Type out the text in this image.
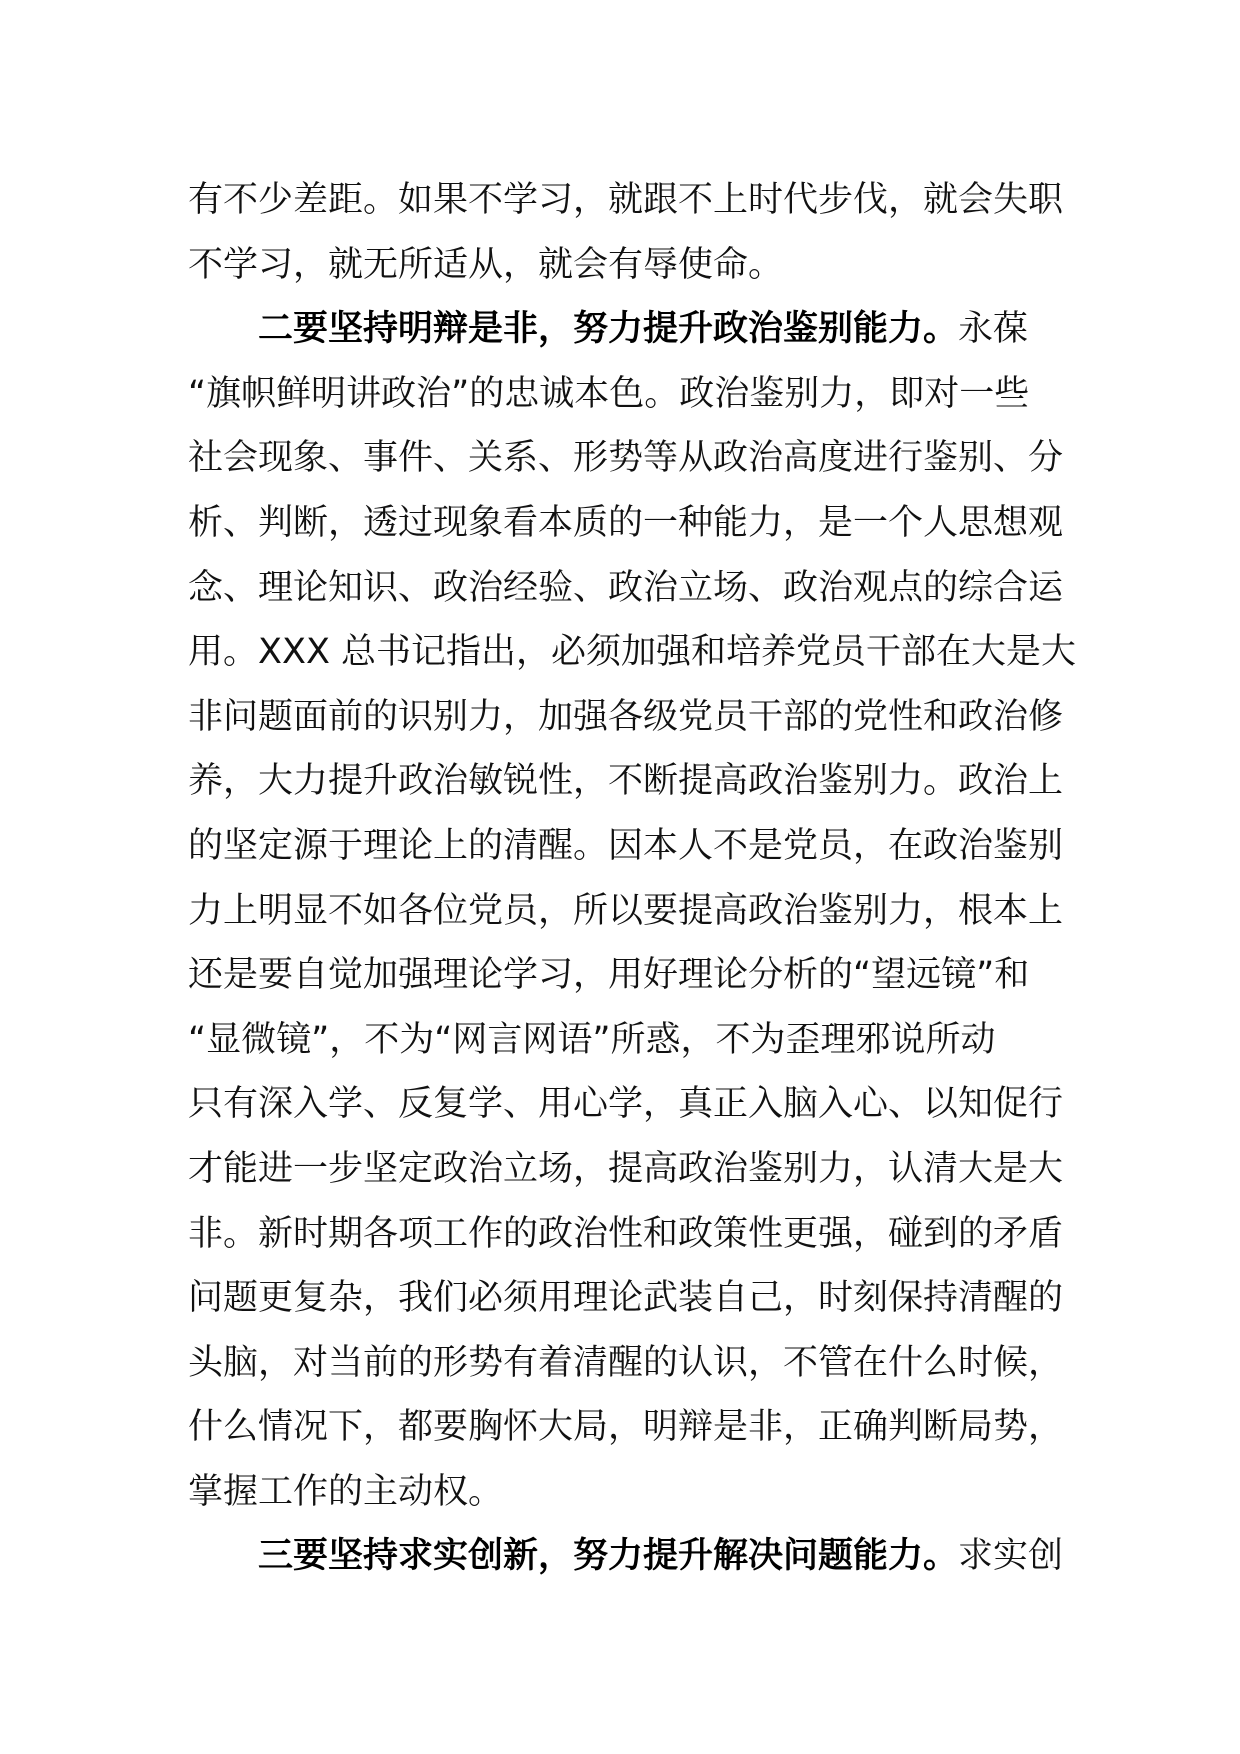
有不少差距。如果不学习，就跟不上时代步伐，就会失职
不学习，就无所适从，就会有辱使命。
二要坚持明辩是非，努力提升政治鉴别能力。永葆
“旗帜鲜明讲政治”的忠诚本色。政治鉴别力，即对一些
社会现象、事件、关系、形势等从政治高度进行鉴别、分
析、判断，透过现象看本质的一种能力，是一个人思想观
念、理论知识、政治经验、政治立场、政治观点的综合运
用。XXX 总书记指出，必须加强和培养党员干部在大是大
非问题面前的识别力，加强各级党员干部的党性和政治修
养，大力提升政治敏锐性，不断提高政治鉴别力。政治上
的坚定源于理论上的清醒。因本人不是党员，在政治鉴别
力上明显不如各位党员，所以要提高政治鉴别力，根本上
还是要自觉加强理论学习，用好理论分析的“望远镜”和
“显微镜”，不为“网言网语”所惑，不为歪理邪说所动
只有深入学、反复学、用心学，真正入脑入心、以知促行
才能进一步坚定政治立场，提高政治鉴别力，认清大是大
非。新时期各项工作的政治性和政策性更强，碰到的矛盾
问题更复杂，我们必须用理论武装自己，时刻保持清醒的
头脑，对当前的形势有着清醒的认识，不管在什么时候，
什么情况下，都要胸怀大局，明辩是非，正确判断局势，
掌握工作的主动权。
三要坚持求实创新，努力提升解决问题能力。求实创
